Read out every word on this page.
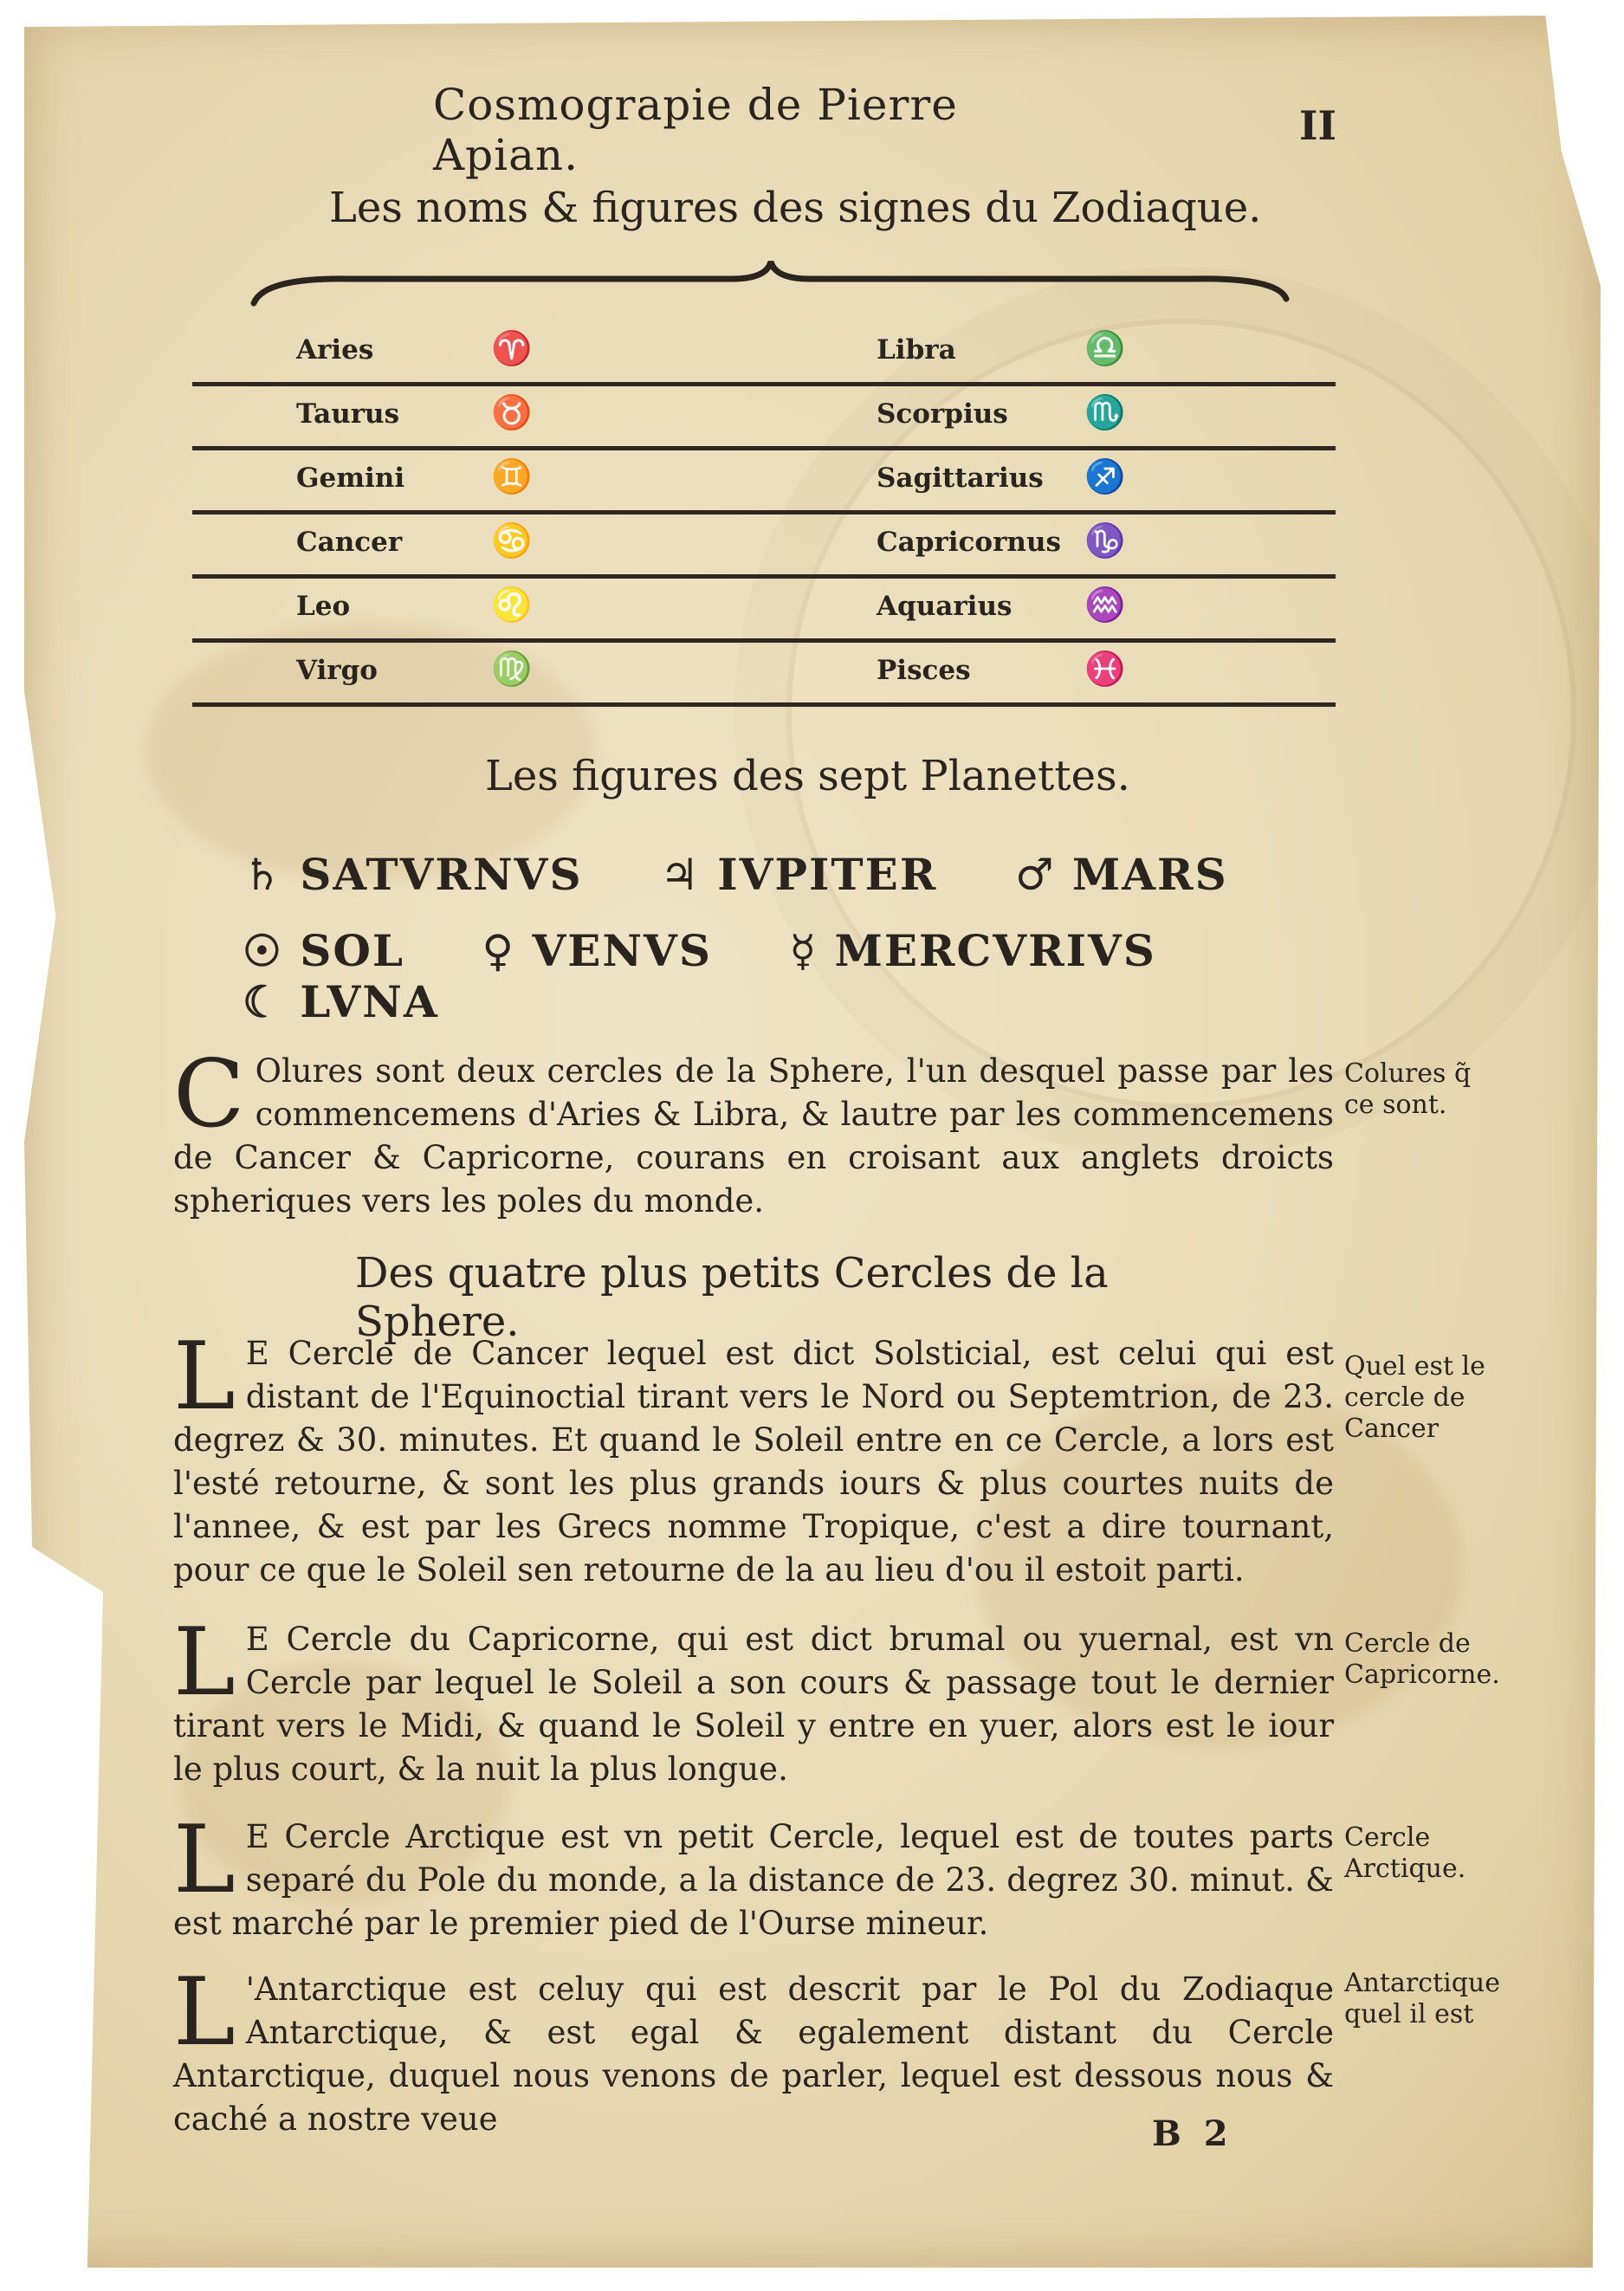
Cosmograpie de Pierre Apian.
II
Les noms & figures des signes du Zodiaque.
Aries	♈	Libra	♎
Taurus	♉	Scorpius ♏
Gemini	♊	Sagittarius ♐
Cancer	♋	Capricornus ♑
Leo	♌	Aquarius ♒
Virgo	♍	Pisces	♓
Les figures des sept Planettes.
♄ SATVRNVS ♃ IVPITER ♂ MARS
☉ SOL ♀ VENVS ☿ MERCVRIVS ☾ LVNA
C Olures sont deux cercles de la Sphere, l'un desquel passe par les commencemens d'Aries & Libra, & lautre par les commencemens de Cancer & Capricorne, courans en croisant aux anglets droicts spheriques vers les poles du monde.
Colures q̃ ce sont.
Des quatre plus petits Cercles de la Sphere.
L E Cercle de Cancer lequel est dict Solsticial, est celui qui est distant de l'Equinoctial tirant vers le Nord ou Septemtrion, de 23. degrez & 30. minutes. Et quand le Soleil entre en ce Cercle, a lors est l'esté retourne, & sont les plus grands iours & plus courtes nuits de l'annee, & est par les Grecs nomme Tropique, c'est a dire tournant, pour ce que le Soleil sen retourne de la au lieu d'ou il estoit parti.
Quel est le cercle de Cancer
L E Cercle du Capricorne, qui est dict brumal ou yuernal, est vn Cercle par lequel le Soleil a son cours & passage tout le dernier tirant vers le Midi, & quand le Soleil y entre en yuer, alors est le iour le plus court, & la nuit la plus longue.
Cercle de Capricorne.
L E Cercle Arctique est vn petit Cercle, lequel est de toutes parts separé du Pole du monde, a la distance de 23. degrez 30. minut. & est marché par le premier pied de l'Ourse mineur.
Cercle Arctique.
L 'Antarctique est celuy qui est descrit par le Pol du Zodiaque Antarctique, & est egal & egalement distant du Cercle Antarctique, duquel nous venons de parler, lequel est dessous nous & caché a nostre veue
Antarctique quel il est
B 2
